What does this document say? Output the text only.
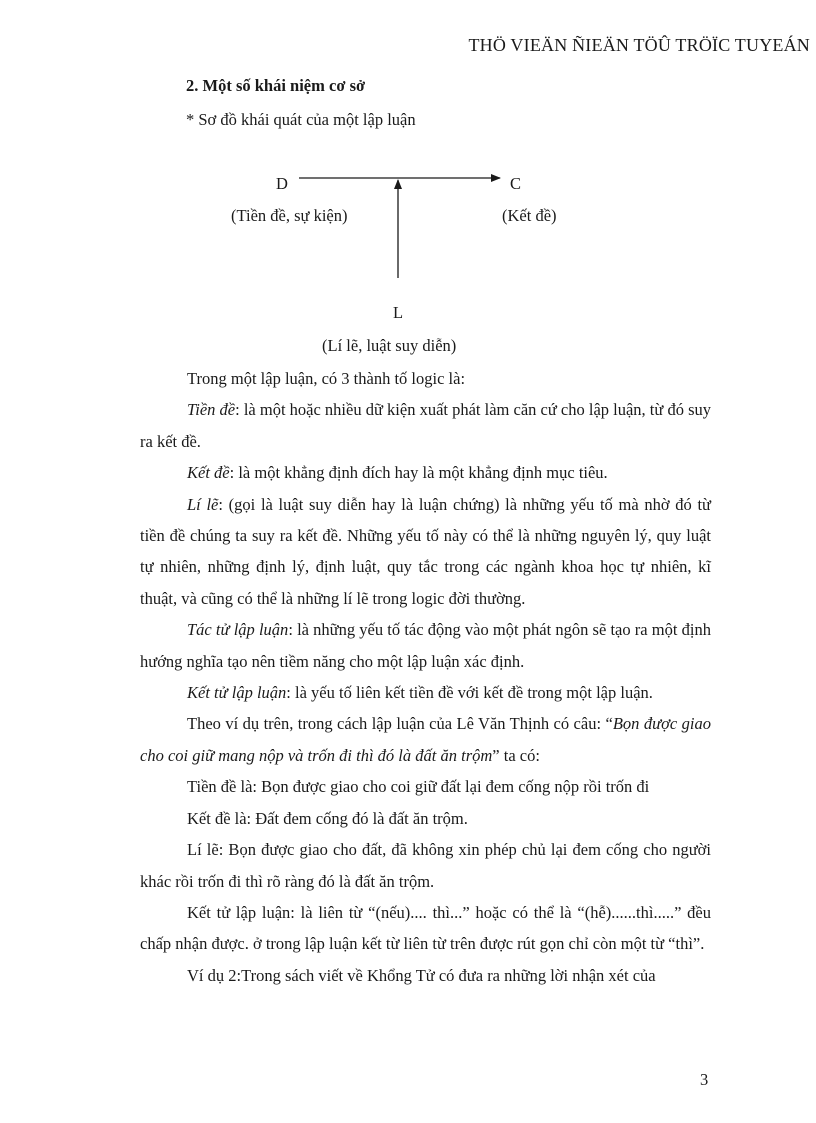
THÖ VIEÄN ÑIEÄN TÖÛ TRÖÏC TUYEÁN
2. Một số khái niệm cơ sở
* Sơ đồ khái quát của một lập luận
D
(Tiền đề, sự kiện)
C
(Kết đề)
L
(Lí lẽ, luật suy diễn)

Trong một lập luận, có 3 thành tố logic là:

Tiền đề: là một hoặc nhiều dữ kiện xuất phát làm căn cứ cho lập luận, từ đó suy ra kết đề.

Kết đề: là một khẳng định đích hay là một khẳng định mục tiêu.

Lí lẽ: (gọi là luật suy diễn hay là luận chứng) là những yếu tố mà nhờ đó từ tiền đề chúng ta suy ra kết đề. Những yếu tố này có thể là những nguyên lý, quy luật tự nhiên, những định lý, định luật, quy tắc trong các ngành khoa học tự nhiên, kĩ thuật, và cũng có thể là những lí lẽ trong logic đời thường.

Tác tử lập luận: là những yếu tố tác động vào một phát ngôn sẽ tạo ra một định hướng nghĩa tạo nên tiềm năng cho một lập luận xác định.

Kết tử lập luận: là yếu tố liên kết tiền đề với kết đề trong một lập luận.

Theo ví dụ trên, trong cách lập luận của Lê Văn Thịnh có câu: “Bọn được giao cho coi giữ mang nộp và trốn đi thì đó là đất ăn trộm” ta có:

Tiền đề là: Bọn được giao cho coi giữ đất lại đem cống nộp rồi trốn đi

Kết đề là: Đất đem cống đó là đất ăn trộm.

Lí lẽ: Bọn được giao cho đất, đã không xin phép chủ lại đem cống cho người khác rồi trốn đi thì rõ ràng đó là đất ăn trộm.

Kết tử lập luận: là liên từ “(nếu).... thì...” hoặc có thể là “(hễ)......thì.....” đều chấp nhận được. ở trong lập luận kết từ liên từ trên được rút gọn chỉ còn một từ “thì”.

Ví dụ 2:Trong sách viết về Khổng Tử có đưa ra những lời nhận xét của

3
